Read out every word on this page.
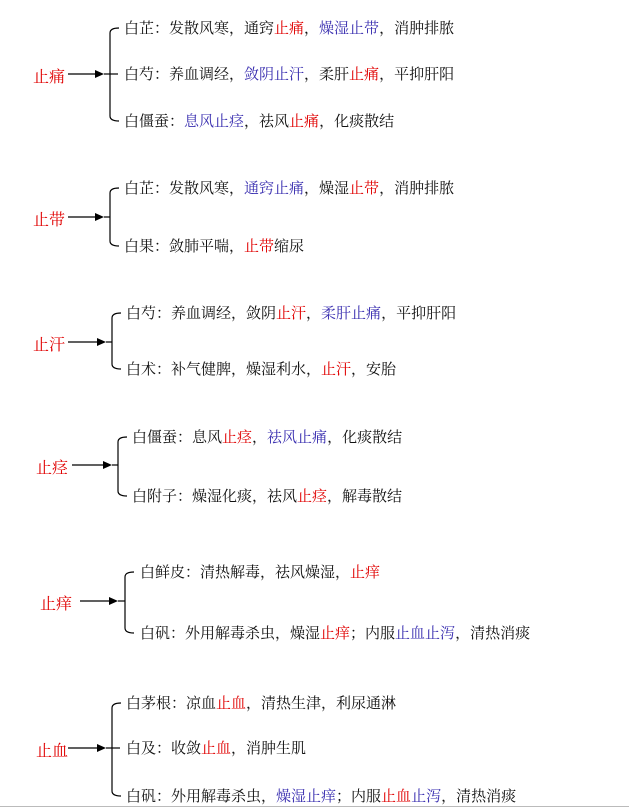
止痛
白芷：发散风寒，通窍止痛，燥湿止带，消肿排脓
白芍：养血调经，敛阴止汗，柔肝止痛，平抑肝阳
白僵蚕：息风止痉，祛风止痛，化痰散结
止带
白芷：发散风寒，通窍止痛，燥湿止带，消肿排脓
白果：敛肺平喘，止带缩尿
止汗
白芍：养血调经，敛阴止汗，柔肝止痛，平抑肝阳
白术：补气健脾，燥湿利水，止汗，安胎
止痉
白僵蚕：息风止痉，祛风止痛，化痰散结
白附子：燥湿化痰，祛风止痉，解毒散结
止痒
白鲜皮：清热解毒，祛风燥湿，止痒
白矾：外用解毒杀虫，燥湿止痒；内服止血止泻，清热消痰
止血
白茅根：凉血止血，清热生津，利尿通淋
白及：收敛止血，消肿生肌
白矾：外用解毒杀虫，燥湿止痒；内服止血止泻，清热消痰
